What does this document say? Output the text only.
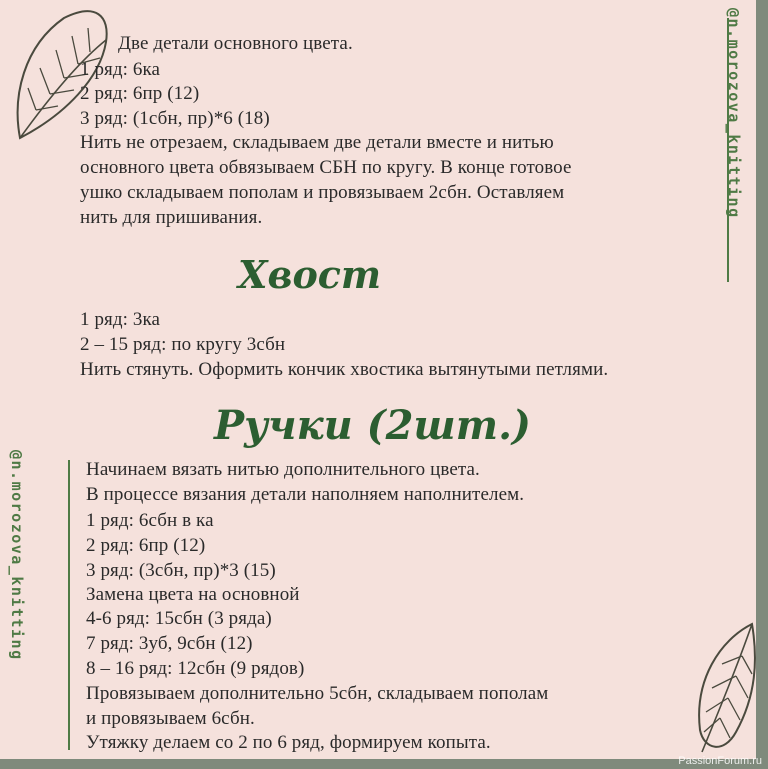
Две детали основного цвета.
1 ряд: 6ка
2 ряд: 6пр (12)
3 ряд: (1сбн, пр)*6 (18)
Нить не отрезаем, складываем две детали вместе и нитью
основного цвета обвязываем СБН по кругу. В конце готовое
ушко складываем пополам и провязываем 2сбн. Оставляем
нить для пришивания.
Хвост
1 ряд: 3ка
2 – 15 ряд: по кругу 3сбн
Нить стянуть. Оформить кончик хвостика вытянутыми петлями.
Ручки (2шт.)
Начинаем вязать нитью дополнительного цвета.
В процессе вязания детали наполняем наполнителем.
1 ряд: 6сбн в ка
2 ряд: 6пр (12)
3 ряд: (3сбн, пр)*3 (15)
Замена цвета на основной
4-6 ряд: 15сбн (3 ряда)
7 ряд: 3уб, 9сбн (12)
8 – 16 ряд: 12сбн (9 рядов)
Провязываем дополнительно 5сбн, складываем пополам
и провязываем 6сбн.
Утяжку делаем со 2 по 6 ряд, формируем копыта.
@n.morozova_knitting
@n.morozova_knitting
PassionForum.ru
